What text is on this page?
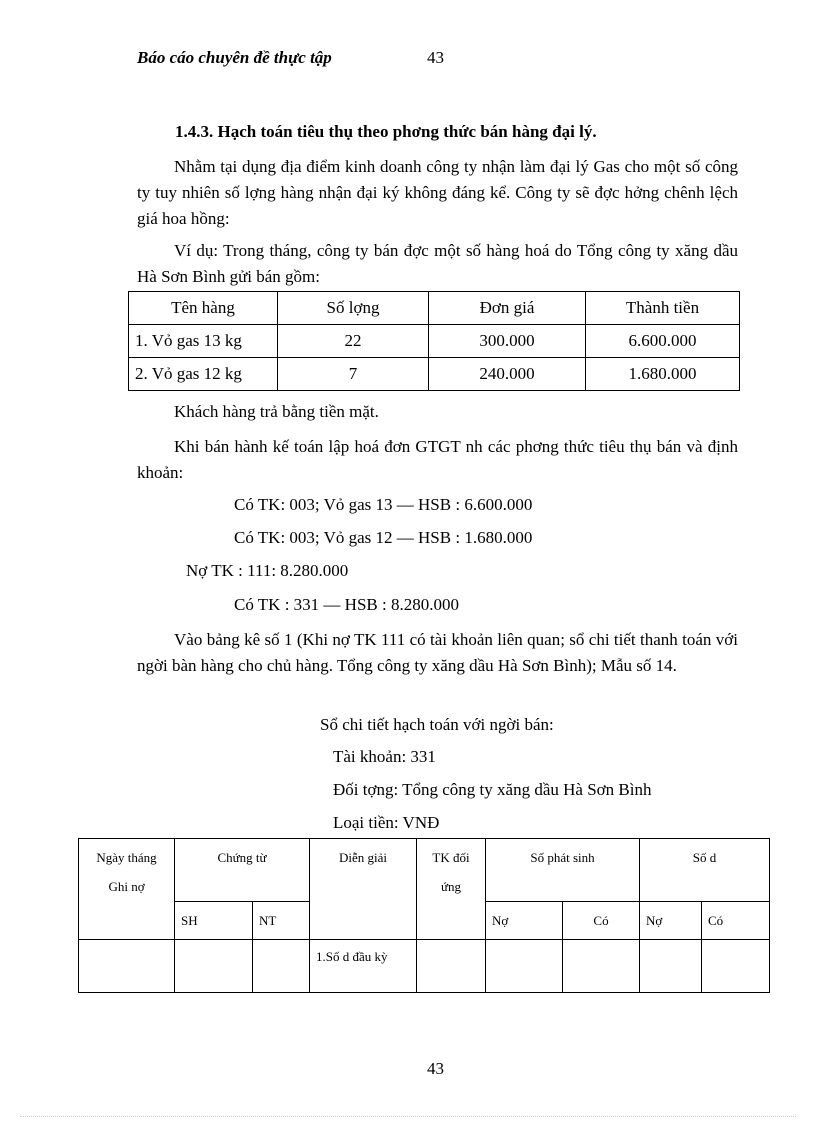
Báo cáo chuyên đề thực tập	43
1.4.3. Hạch toán tiêu thụ theo phơng thức bán hàng đại lý.
Nhằm tại dụng địa điểm kinh doanh công ty nhận làm đại lý Gas cho một số công ty tuy nhiên số lợng hàng nhận đại ký không đáng kể. Công ty sẽ đợc hởng chênh lệch giá hoa hồng:
Ví dụ: Trong tháng, công ty bán đợc một số hàng hoá do Tổng công ty xăng dầu Hà Sơn Bình gửi bán gồm:
Tên hàng	Số lợng	Đơn giá	Thành tiền
1. Vỏ gas 13 kg	22	300.000	6.600.000
2. Vỏ gas 12 kg	7	240.000	1.680.000
Khách hàng trả bằng tiền mặt.
Khi bán hành kế toán lập hoá đơn GTGT nh các phơng thức tiêu thụ bán và định khoản:
Có TK: 003; Vỏ gas 13 — HSB : 6.600.000
Có TK: 003; Vỏ gas 12 — HSB : 1.680.000
Nợ TK : 111: 8.280.000
Có TK : 331 — HSB : 8.280.000
Vào bảng kê số 1 (Khi nợ TK 111 có tài khoản liên quan; sổ chi tiết thanh toán với ngời bàn hàng cho chủ hàng. Tổng công ty xăng dầu Hà Sơn Bình); Mẫu số 14.
Sổ chi tiết hạch toán với ngời bán:
Tài khoản: 331
Đối tợng: Tổng công ty xăng dầu Hà Sơn Bình
Loại tiền: VNĐ
Ngày tháng Ghi nợ	Chứng từ		Diễn giải	TK đối ứng	Số phát sinh		Số d	
	SH	NT			Nợ	Có	Nợ	Có
			1.Số d đầu kỳ					
43
